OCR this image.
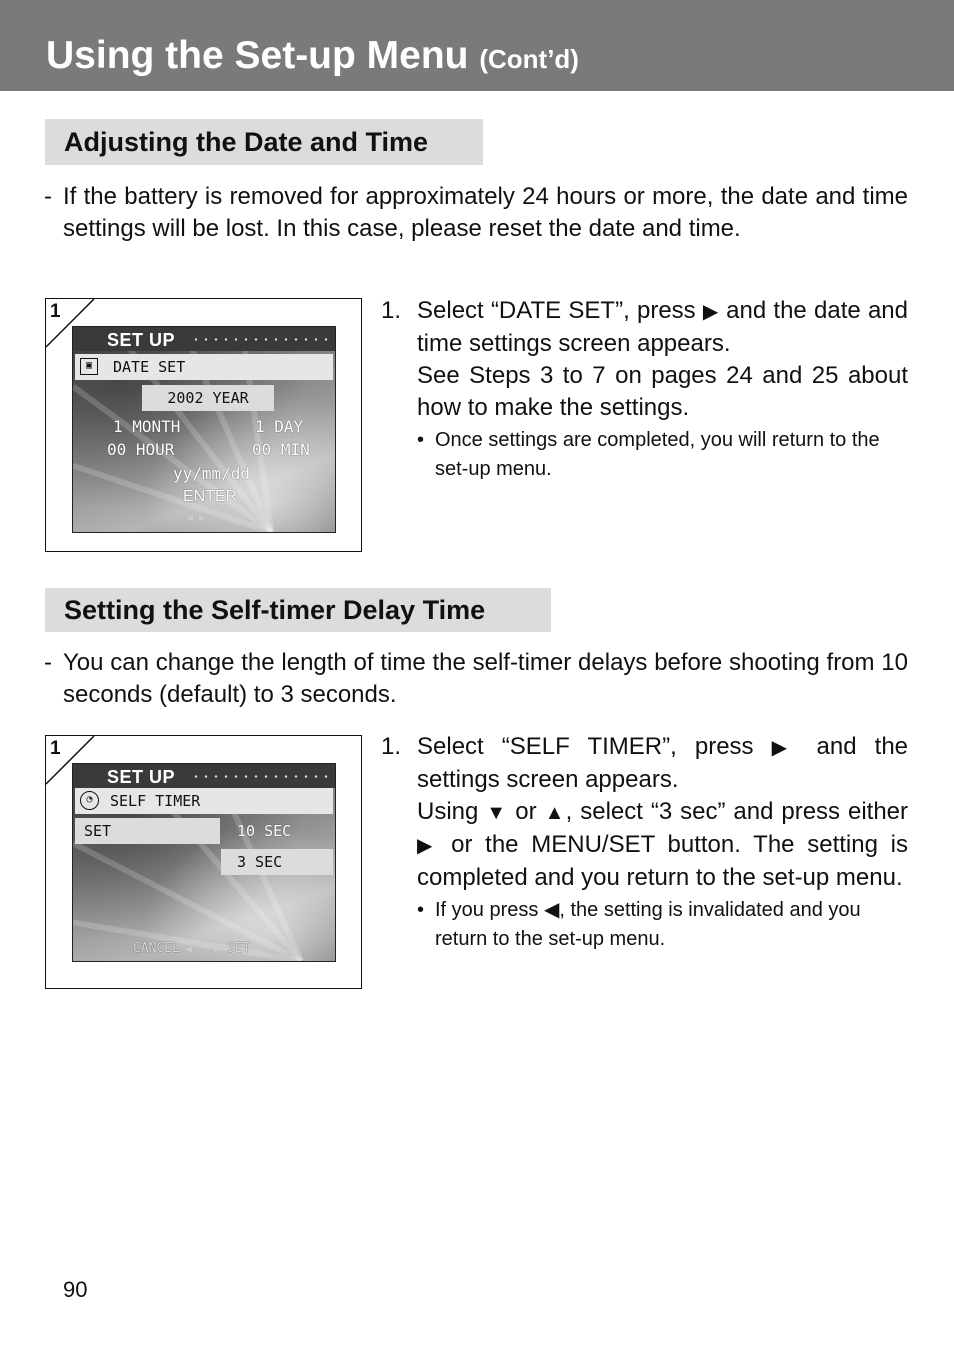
Using the Set-up Menu (Cont’d)
Adjusting the Date and Time
- If the battery is removed for approximately 24 hours or more, the date and time settings will be lost. In this case, please reset the date and time.
1
SET UP
▣	DATE SET
2002 YEAR
1 MONTH	1 DAY
00 HOUR	00 MIN
yy/mm/dd
ENTER
◀ ▶
1. Select “DATE SET”, press ▶ and the date and time settings screen appears.

See Steps 3 to 7 on pages 24 and 25 about how to make the settings.

• Once settings are completed, you will return to the set-up menu.
Setting the Self-timer Delay Time
- You can change the length of time the self-timer delays before shooting from 10 seconds (default) to 3 seconds.
1
SET UP
◔	SELF TIMER
SET	10 SEC
3 SEC
CANCEL ◀ ▶ SET
1. Select “SELF TIMER”, press ▶ and the settings screen appears.

Using ▼ or ▲, select “3 sec” and press either ▶ or the MENU/SET button. The setting is completed and you return to the set-up menu.

• If you press ◀, the setting is invalidated and you return to the set-up menu.
90
